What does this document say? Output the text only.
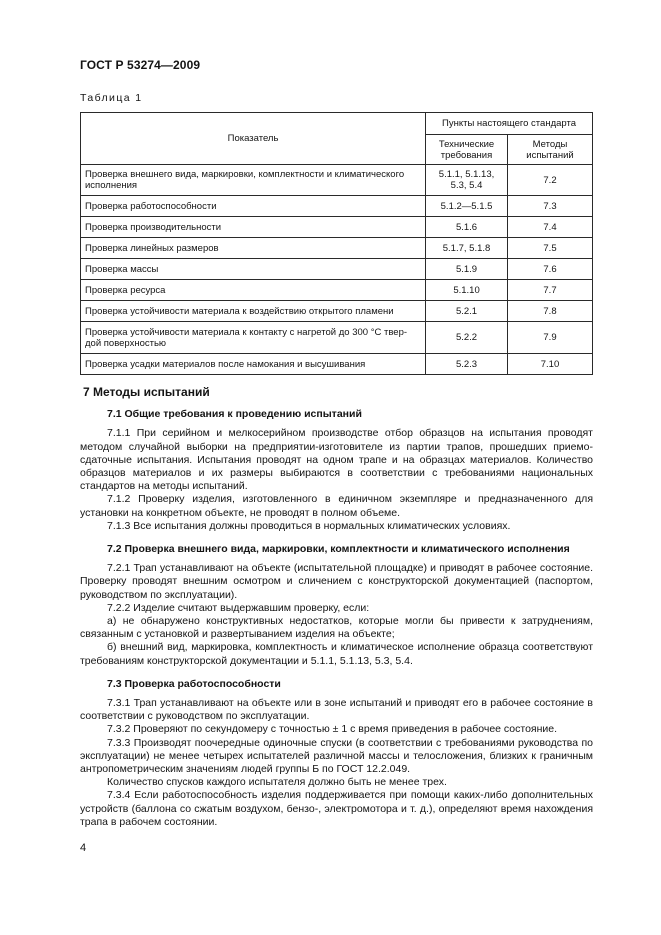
ГОСТ Р 53274—2009
Таблица 1
Показатель	Пункты настоящего стандарта	
	Технические требования	Методы испытаний
Проверка внешнего вида, маркировки, комплектности и климатического исполнения	5.1.1, 5.1.13, 5.3, 5.4	7.2
Проверка работоспособности	5.1.2—5.1.5	7.3
Проверка производительности	5.1.6	7.4
Проверка линейных размеров	5.1.7, 5.1.8	7.5
Проверка массы	5.1.9	7.6
Проверка ресурса	5.1.10	7.7
Проверка устойчивости материала к воздействию открытого пламени	5.2.1	7.8
Проверка устойчивости материала к контакту с нагретой до 300 °С твер-дой поверхностью	5.2.2	7.9
Проверка усадки материалов после намокания и высушивания	5.2.3	7.10
7 Методы испытаний
7.1 Общие требования к проведению испытаний

7.1.1 При серийном и мелкосерийном производстве отбор образцов на испытания проводят методом случайной выборки на предприятии-изготовителе из партии трапов, прошедших приемо-сдаточные испытания. Испытания проводят на одном трапе и на образцах материалов. Количество образцов материалов и их размеры выбираются в соответствии с требованиями национальных стандартов на методы испытаний.

7.1.2 Проверку изделия, изготовленного в единичном экземпляре и предназначенного для установки на конкретном объекте, не проводят в полном объеме.

7.1.3 Все испытания должны проводиться в нормальных климатических условиях.

7.2 Проверка внешнего вида, маркировки, комплектности и климатического исполнения

7.2.1 Трап устанавливают на объекте (испытательной площадке) и приводят в рабочее состояние. Проверку проводят внешним осмотром и сличением с конструкторской документацией (паспортом, руководством по эксплуатации).

7.2.2 Изделие считают выдержавшим проверку, если:

а) не обнаружено конструктивных недостатков, которые могли бы привести к затруднениям, связанным с установкой и развертыванием изделия на объекте;

б) внешний вид, маркировка, комплектность и климатическое исполнение образца соответствуют требованиям конструкторской документации и 5.1.1, 5.1.13, 5.3, 5.4.

7.3 Проверка работоспособности

7.3.1 Трап устанавливают на объекте или в зоне испытаний и приводят его в рабочее состояние в соответствии с руководством по эксплуатации.

7.3.2 Проверяют по секундомеру с точностью ± 1 с время приведения в рабочее состояние.

7.3.3 Производят поочередные одиночные спуски (в соответствии с требованиями руководства по эксплуатации) не менее четырех испытателей различной массы и телосложения, близких к граничным антропометрическим значениям людей группы Б по ГОСТ 12.2.049.

Количество спусков каждого испытателя должно быть не менее трех.

7.3.4 Если работоспособность изделия поддерживается при помощи каких-либо дополнительных устройств (баллона со сжатым воздухом, бензо-, электромотора и т. д.), определяют время нахождения трапа в рабочем состоянии.

4
